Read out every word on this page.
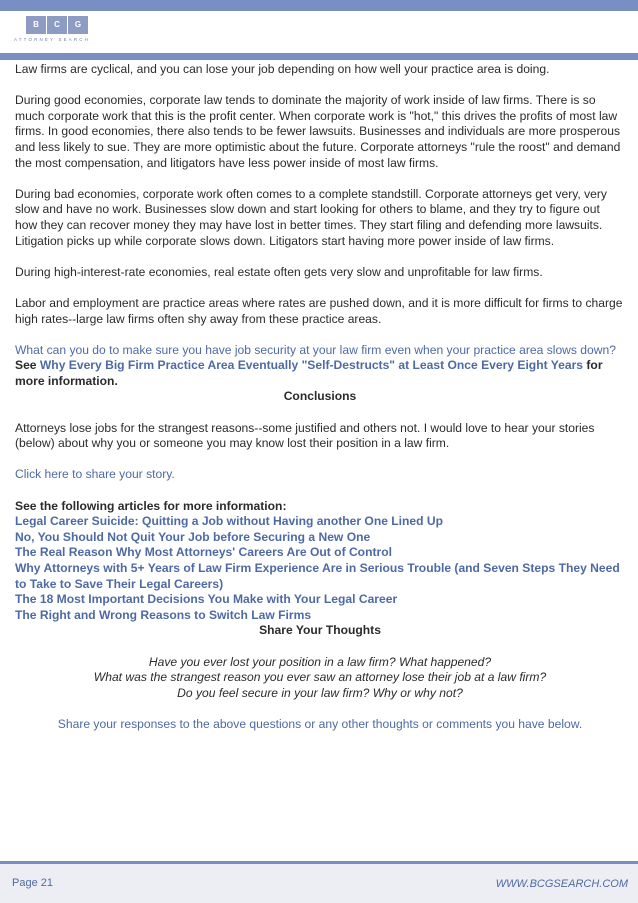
B	C	G
ATTORNEY SEARCH

Law firms are cyclical, and you can lose your job depending on how well your practice area is doing.

During good economies, corporate law tends to dominate the majority of work inside of law firms. There is so much corporate work that this is the profit center. When corporate work is "hot," this drives the profits of most law firms. In good economies, there also tends to be fewer lawsuits. Businesses and individuals are more prosperous and less likely to sue. They are more optimistic about the future. Corporate attorneys "rule the roost" and demand the most compensation, and litigators have less power inside of most law firms.

During bad economies, corporate work often comes to a complete standstill. Corporate attorneys get very, very slow and have no work. Businesses slow down and start looking for others to blame, and they try to figure out how they can recover money they may have lost in better times. They start filing and defending more lawsuits. Litigation picks up while corporate slows down. Litigators start having more power inside of law firms.

During high-interest-rate economies, real estate often gets very slow and unprofitable for law firms.

Labor and employment are practice areas where rates are pushed down, and it is more difficult for firms to charge high rates--large law firms often shy away from these practice areas.

What can you do to make sure you have job security at your law firm even when your practice area slows down?

See Why Every Big Firm Practice Area Eventually "Self-Destructs" at Least Once Every Eight Years for more information.

Conclusions

Attorneys lose jobs for the strangest reasons--some justified and others not. I would love to hear your stories (below) about why you or someone you may know lost their position in a law firm.

Click here to share your story.

See the following articles for more information:

Legal Career Suicide: Quitting a Job without Having another One Lined Up

No, You Should Not Quit Your Job before Securing a New One

The Real Reason Why Most Attorneys' Careers Are Out of Control

Why Attorneys with 5+ Years of Law Firm Experience Are in Serious Trouble (and Seven Steps They Need to Take to Save Their Legal Careers)

The 18 Most Important Decisions You Make with Your Legal Career

The Right and Wrong Reasons to Switch Law Firms

Share Your Thoughts

Have you ever lost your position in a law firm? What happened?

What was the strangest reason you ever saw an attorney lose their job at a law firm?

Do you feel secure in your law firm? Why or why not?

Share your responses to the above questions or any other thoughts or comments you have below.

Page 21	WWW.BCGSEARCH.COM
